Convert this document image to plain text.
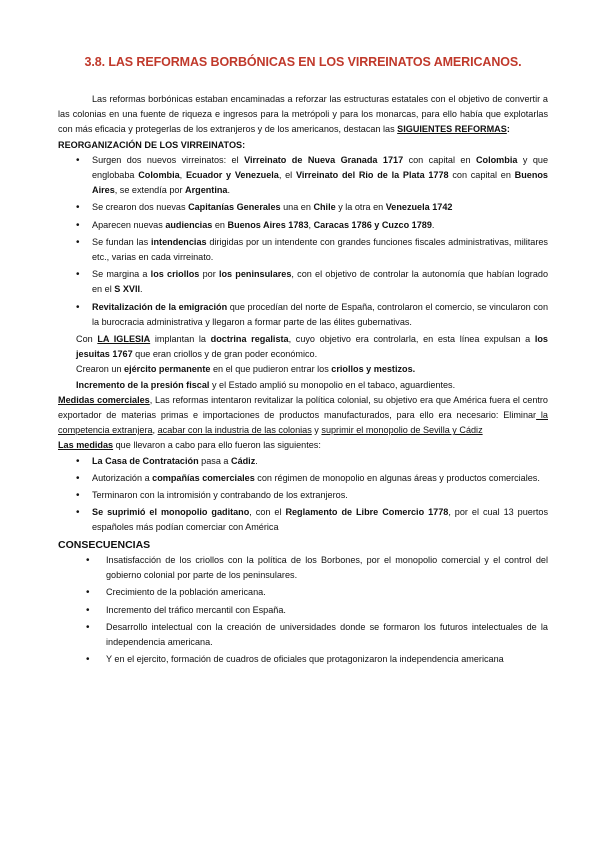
3.8. LAS REFORMAS BORBÓNICAS EN LOS VIRREINATOS AMERICANOS.

Las reformas borbónicas estaban encaminadas a reforzar las estructuras estatales con el objetivo de convertir a las colonias en una fuente de riqueza e ingresos para la metrópoli y para los monarcas, para ello había que explotarlas con más eficacia y protegerlas de los extranjeros y de los americanos, destacan las SIGUIENTES REFORMAS:

REORGANIZACIÓN DE LOS VIRREINATOS:

• Surgen dos nuevos virreinatos: el Virreinato de Nueva Granada 1717 con capital en Colombia y que englobaba Colombia, Ecuador y Venezuela, el Virreinato del Rio de la Plata 1778 con capital en Buenos Aires, se extendía por Argentina.
• Se crearon dos nuevas Capitanías Generales una en Chile y la otra en Venezuela 1742
• Aparecen nuevas audiencias en Buenos Aires 1783, Caracas 1786 y Cuzco 1789.
• Se fundan las intendencias dirigidas por un intendente con grandes funciones fiscales administrativas, militares etc., varias en cada virreinato.
• Se margina a los criollos por los peninsulares, con el objetivo de controlar la autonomía que habían logrado en el S XVII.
• Revitalización de la emigración que procedían del norte de España, controlaron el comercio, se vincularon con la burocracia administrativa y llegaron a formar parte de las élites gubernativas.

Con LA IGLESIA implantan la doctrina regalista, cuyo objetivo era controlarla, en esta línea expulsan a los jesuitas 1767 que eran criollos y de gran poder económico.

Crearon un ejército permanente en el que pudieron entrar los criollos y mestizos.

Incremento de la presión fiscal y el Estado amplió su monopolio en el tabaco, aguardientes.

Medidas comerciales, Las reformas intentaron revitalizar la política colonial, su objetivo era que América fuera el centro exportador de materias primas e importaciones de productos manufacturados, para ello era necesario: Eliminar la competencia extranjera, acabar con la industria de las colonias y suprimir el monopolio de Sevilla y Cádiz

Las medidas que llevaron a cabo para ello fueron las siguientes:

• La Casa de Contratación pasa a Cádiz.
• Autorización a compañías comerciales con régimen de monopolio en algunas áreas y productos comerciales.
• Terminaron con la intromisión y contrabando de los extranjeros.
• Se suprimió el monopolio gaditano, con el Reglamento de Libre Comercio 1778, por el cual 13 puertos españoles más podían comerciar con América

CONSECUENCIAS

• Insatisfacción de los criollos con la política de los Borbones, por el monopolio comercial y el control del gobierno colonial por parte de los peninsulares.
• Crecimiento de la población americana.
• Incremento del tráfico mercantil con España.
• Desarrollo intelectual con la creación de universidades donde se formaron los futuros intelectuales de la independencia americana.
• Y en el ejercito, formación de cuadros de oficiales que protagonizaron la independencia americana
